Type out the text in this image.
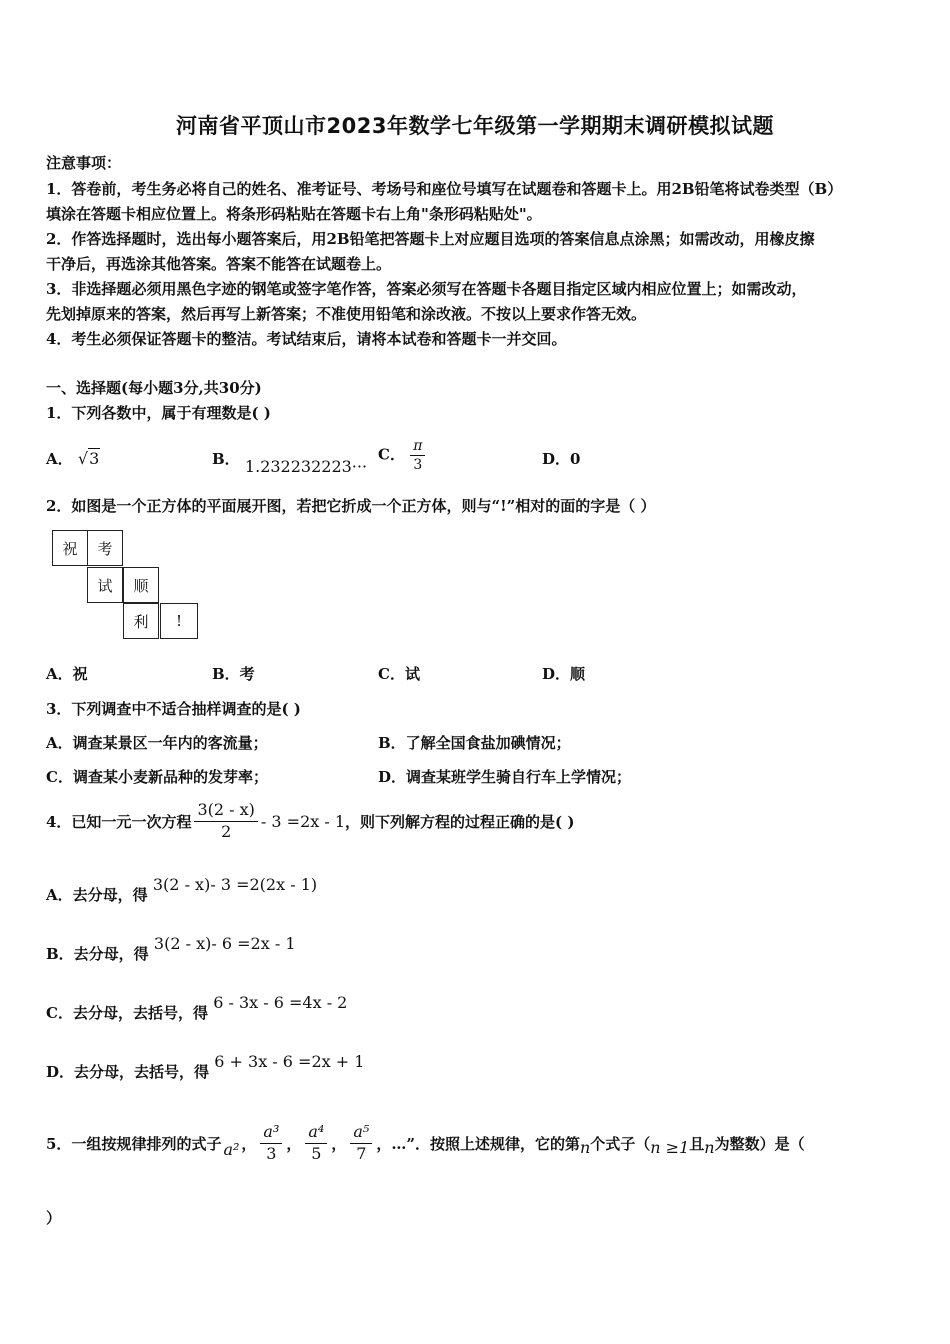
河南省平顶山市2023年数学七年级第一学期期末调研模拟试题
注意事项：
1．答卷前，考生务必将自己的姓名、准考证号、考场号和座位号填写在试题卷和答题卡上。用2B铅笔将试卷类型（B）
填涂在答题卡相应位置上。将条形码粘贴在答题卡右上角"条形码粘贴处"。
2．作答选择题时，选出每小题答案后，用2B铅笔把答题卡上对应题目选项的答案信息点涂黑；如需改动，用橡皮擦
干净后，再选涂其他答案。答案不能答在试题卷上。
3．非选择题必须用黑色字迹的钢笔或签字笔作答，答案必须写在答题卡各题目指定区域内相应位置上；如需改动，
先划掉原来的答案，然后再写上新答案；不准使用铅笔和涂改液。不按以上要求作答无效。
4．考生必须保证答题卡的整洁。考试结束后，请将本试卷和答题卡一并交回。
一、选择题(每小题3分,共30分)
1．下列各数中，属于有理数是( )
A． √3	B． 1.232232223···
C． $\frac{\pi}{3}$	D．0
2．如图是一个正方体的平面展开图，若把它折成一个正方体，则与“!”相对的面的字是（ ）
祝	考
试	顺
利	!
A．祝	B．考	C．试	D．顺
3．下列调查中不适合抽样调查的是( )
A．调查某景区一年内的客流量；	B．了解全国食盐加碘情况；
C．调查某小麦新品种的发芽率；	D．调查某班学生骑自行车上学情况；
4．已知一元一次方程 $\frac{3(2 - x)}{2} - 3 =2x - 1$ ，则下列解方程的过程正确的是( )
A．去分母，得 3(2 - x)- 3 =2(2x - 1)
B．去分母，得 3(2 - x)- 6 =2x - 1
C．去分母，去括号，得 6 - 3x - 6 =4x - 2
D．去分母，去括号，得 6 + 3x - 6 =2x + 1
5．一组按规律排列的式子 a² ， $\frac{\text{a³}}{3}$ ， $\frac{\text{a⁴}}{5}$ ， $\frac{\text{a⁵}}{7}$ ，…”．按照上述规律，它的第 n 个式子（ n ≥1 且 n 为整数）是（
）
